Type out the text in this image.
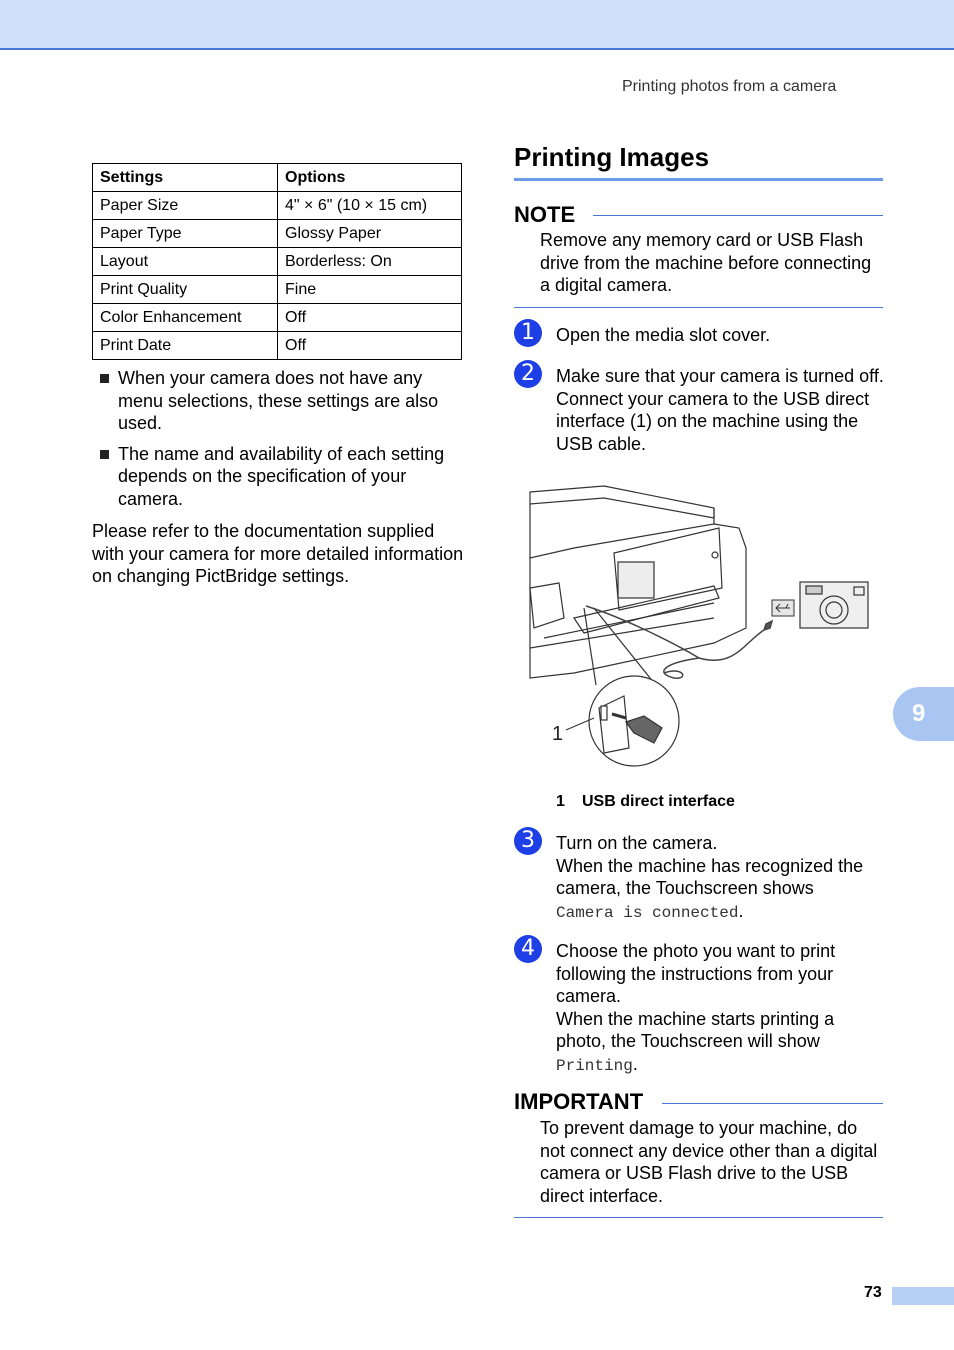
Printing photos from a camera
Settings	Options
Paper Size	4" × 6" (10 × 15 cm)
Paper Type	Glossy Paper
Layout	Borderless: On
Print Quality	Fine
Color Enhancement	Off
Print Date	Off
When your camera does not have any menu selections, these settings are also used.
The name and availability of each setting depends on the specification of your camera.
Please refer to the documentation supplied with your camera for more detailed information on changing PictBridge settings.
Printing Images
NOTE
Remove any memory card or USB Flash drive from the machine before connecting a digital camera.
1	Open the media slot cover.
2	Make sure that your camera is turned off. Connect your camera to the USB direct interface (1) on the machine using the USB cable.
1
1 USB direct interface
3	Turn on the camera.
When the machine has recognized the camera, the Touchscreen shows
Camera is connected.
4	Choose the photo you want to print following the instructions from your camera.
When the machine starts printing a photo, the Touchscreen will show
Printing.
IMPORTANT
To prevent damage to your machine, do not connect any device other than a digital camera or USB Flash drive to the USB direct interface.
9
73
